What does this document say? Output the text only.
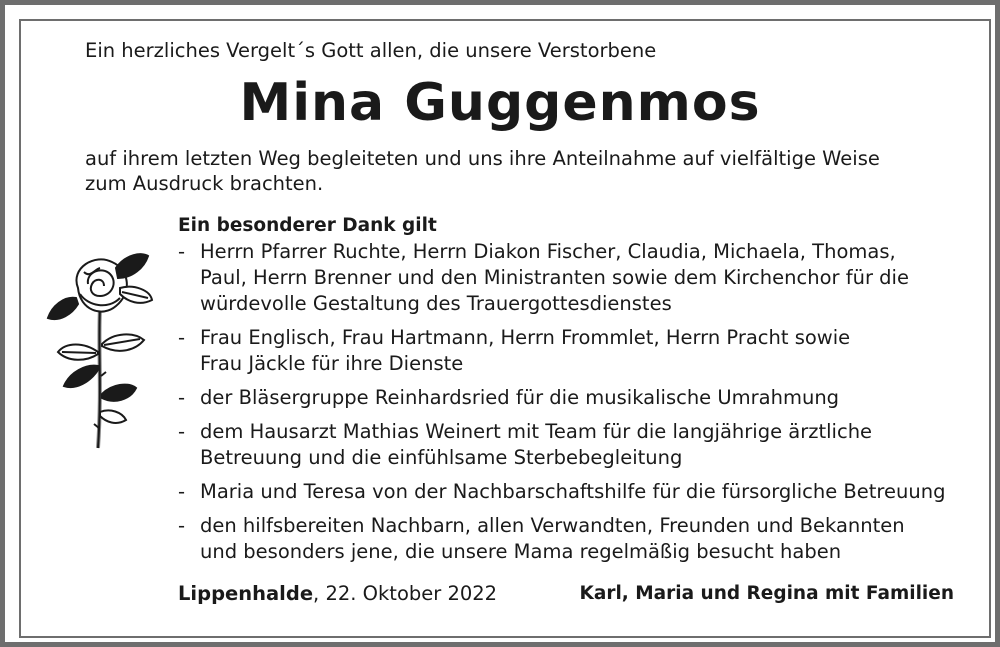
Ein herzliches Vergelt´s Gott allen, die unsere Verstorbene
Mina Guggenmos
auf ihrem letzten Weg begleiteten und uns ihre Anteilnahme auf vielfältige Weise
zum Ausdruck brachten.
Ein besonderer Dank gilt
- Herrn Pfarrer Ruchte, Herrn Diakon Fischer, Claudia, Michaela, Thomas,
Paul, Herrn Brenner und den Ministranten sowie dem Kirchenchor für die
würdevolle Gestaltung des Trauergottesdienstes
- Frau Englisch, Frau Hartmann, Herrn Frommlet, Herrn Pracht sowie
Frau Jäckle für ihre Dienste
- der Bläsergruppe Reinhardsried für die musikalische Umrahmung
- dem Hausarzt Mathias Weinert mit Team für die langjährige ärztliche
Betreuung und die einfühlsame Sterbebegleitung
- Maria und Teresa von der Nachbarschaftshilfe für die fürsorgliche Betreuung
- den hilfsbereiten Nachbarn, allen Verwandten, Freunden und Bekannten
und besonders jene, die unsere Mama regelmäßig besucht haben
Lippenhalde, 22. Oktober 2022	Karl, Maria und Regina mit Familien
